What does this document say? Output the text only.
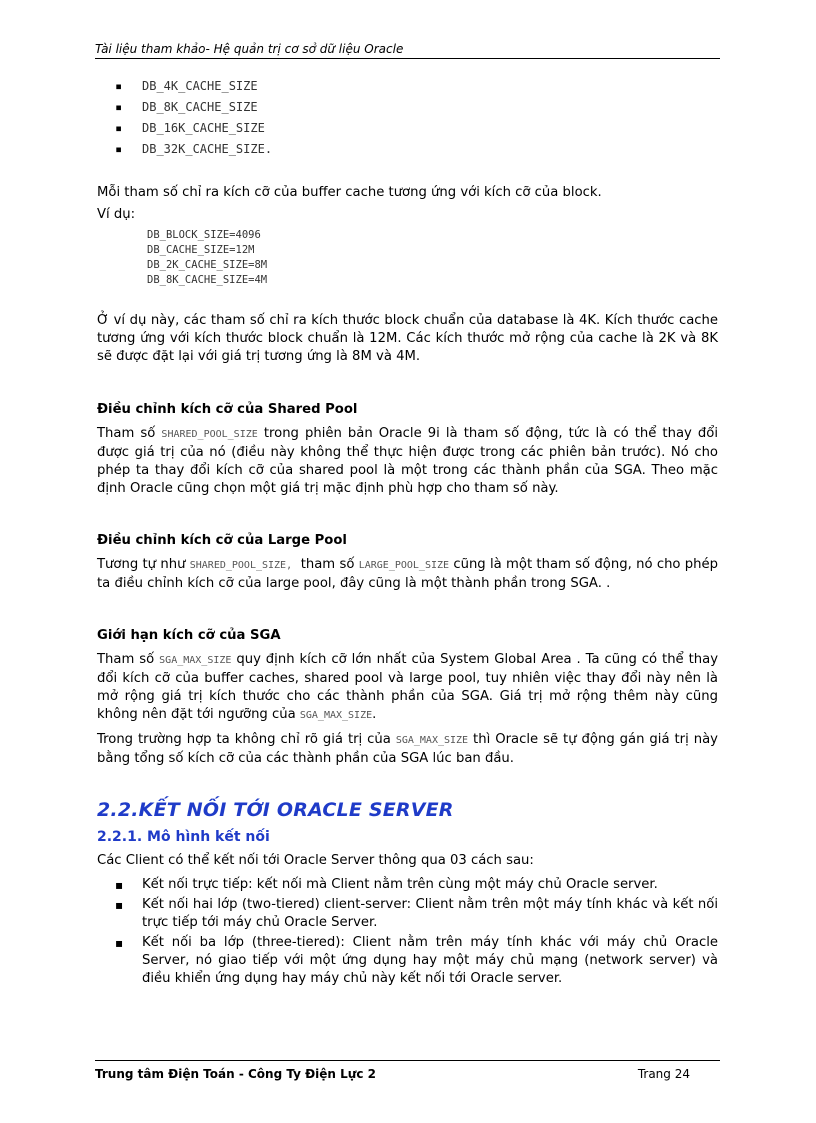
Tài liệu tham khảo- Hệ quản trị cơ sở dữ liệu Oracle
▪ DB_4K_CACHE_SIZE
▪ DB_8K_CACHE_SIZE
▪ DB_16K_CACHE_SIZE
▪ DB_32K_CACHE_SIZE.

Mỗi tham số chỉ ra kích cỡ của buffer cache tương ứng với kích cỡ của block.

Ví dụ:

DB_BLOCK_SIZE=4096
DB_CACHE_SIZE=12M
DB_2K_CACHE_SIZE=8M
DB_8K_CACHE_SIZE=4M

Ở ví dụ này, các tham số chỉ ra kích thước block chuẩn của database là 4K. Kích thước cache tương ứng với kích thước block chuẩn là 12M. Các kích thước mở rộng của cache là 2K và 8K sẽ được đặt lại với giá trị tương ứng là 8M và 4M.

Điều chỉnh kích cỡ của Shared Pool

Tham số SHARED_POOL_SIZE trong phiên bản Oracle 9i là tham số động, tức là có thể thay đổi được giá trị của nó (điều này không thể thực hiện được trong các phiên bản trước). Nó cho phép ta thay đổi kích cỡ của shared pool là một trong các thành phần của SGA. Theo mặc định Oracle cũng chọn một giá trị mặc định phù hợp cho tham số này.

Điều chỉnh kích cỡ của Large Pool

Tương tự như SHARED_POOL_SIZE,  tham số LARGE_POOL_SIZE cũng là một tham số động, nó cho phép ta điều chỉnh kích cỡ của large pool, đây cũng là một thành phần trong SGA. .

Giới hạn kích cỡ của SGA

Tham số SGA_MAX_SIZE quy định kích cỡ lớn nhất của System Global Area . Ta cũng có thể thay đổi kích cỡ của buffer caches, shared pool và large pool, tuy nhiên việc thay đổi này nên là mở rộng giá trị kích thước cho các thành phần của SGA. Giá trị mở rộng thêm này cũng không nên đặt tới ngưỡng của SGA_MAX_SIZE.

Trong trường hợp ta không chỉ rõ giá trị của SGA_MAX_SIZE thì Oracle sẽ tự động gán giá trị này bằng tổng số kích cỡ của các thành phần của SGA lúc ban đầu.

2.2.KẾT NỐI TỚI ORACLE SERVER

2.2.1. Mô hình kết nối

Các Client có thể kết nối tới Oracle Server thông qua 03 cách sau:

▪ Kết nối trực tiếp: kết nối mà Client nằm trên cùng một máy chủ Oracle server.
▪ Kết nối hai lớp (two-tiered) client-server: Client nằm trên một máy tính khác và kết nối trực tiếp tới máy chủ Oracle Server.
▪ Kết nối ba lớp (three-tiered): Client nằm trên máy tính khác với máy chủ Oracle Server, nó giao tiếp với một ứng dụng hay một máy chủ mạng (network server) và điều khiển ứng dụng hay máy chủ này kết nối tới Oracle server.
Trung tâm Điện Toán - Công Ty Điện Lực 2	Trang 24
